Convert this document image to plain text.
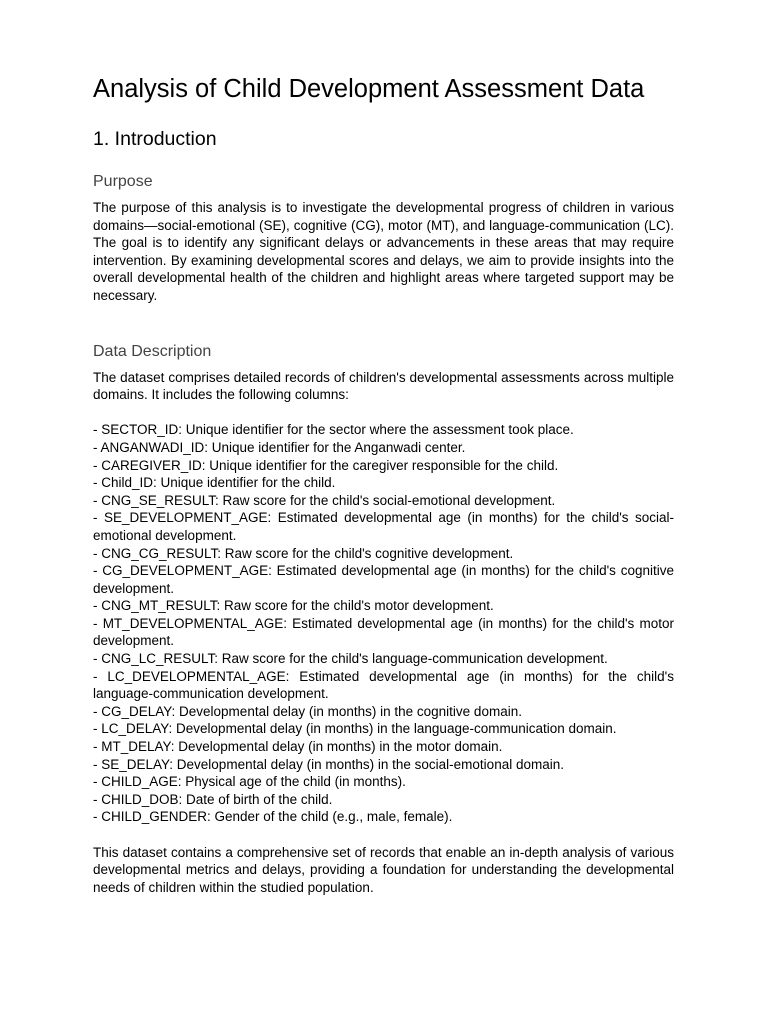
Analysis of Child Development Assessment Data
1. Introduction
Purpose

The purpose of this analysis is to investigate the developmental progress of children in various domains—social-emotional (SE), cognitive (CG), motor (MT), and language-communication (LC). The goal is to identify any significant delays or advancements in these areas that may require intervention. By examining developmental scores and delays, we aim to provide insights into the overall developmental health of the children and highlight areas where targeted support may be necessary.

Data Description

The dataset comprises detailed records of children's developmental assessments across multiple domains. It includes the following columns:

- SECTOR_ID: Unique identifier for the sector where the assessment took place.
- ANGANWADI_ID: Unique identifier for the Anganwadi center.
- CAREGIVER_ID: Unique identifier for the caregiver responsible for the child.
- Child_ID: Unique identifier for the child.
- CNG_SE_RESULT: Raw score for the child's social-emotional development.
- SE_DEVELOPMENT_AGE: Estimated developmental age (in months) for the child's social-emotional development.
- CNG_CG_RESULT: Raw score for the child's cognitive development.
- CG_DEVELOPMENT_AGE: Estimated developmental age (in months) for the child's cognitive development.
- CNG_MT_RESULT: Raw score for the child's motor development.
- MT_DEVELOPMENTAL_AGE: Estimated developmental age (in months) for the child's motor development.
- CNG_LC_RESULT: Raw score for the child's language-communication development.
- LC_DEVELOPMENTAL_AGE: Estimated developmental age (in months) for the child's language-communication development.
- CG_DELAY: Developmental delay (in months) in the cognitive domain.
- LC_DELAY: Developmental delay (in months) in the language-communication domain.
- MT_DELAY: Developmental delay (in months) in the motor domain.
- SE_DELAY: Developmental delay (in months) in the social-emotional domain.
- CHILD_AGE: Physical age of the child (in months).
- CHILD_DOB: Date of birth of the child.
- CHILD_GENDER: Gender of the child (e.g., male, female).

This dataset contains a comprehensive set of records that enable an in-depth analysis of various developmental metrics and delays, providing a foundation for understanding the developmental needs of children within the studied population.
